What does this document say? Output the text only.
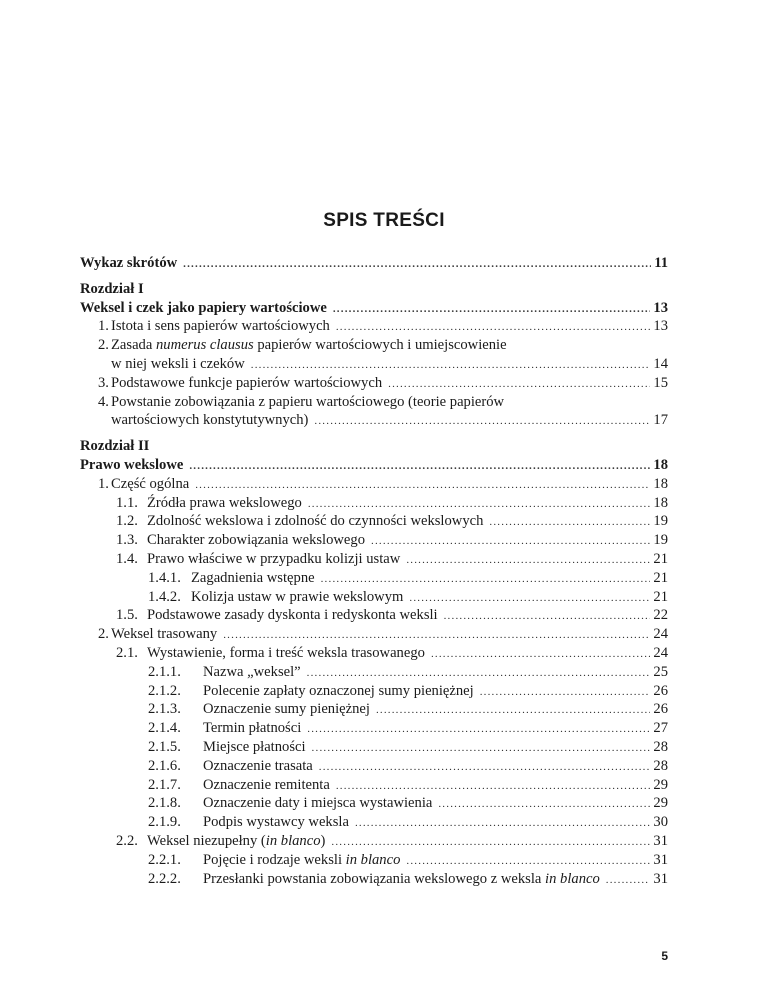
SPIS TREŚCI
Wykaz skrótów .....	11
Rozdział I
Weksel i czek jako papiery wartościowe .....	13
1. Istota i sens papierów wartościowych .....	13
2. Zasada numerus clausus papierów wartościowych i umiejscowienie
w niej weksli i czeków .....	14
3. Podstawowe funkcje papierów wartościowych .....	15
4. Powstanie zobowiązania z papieru wartościowego (teorie papierów
wartościowych konstytutywnych) .....	17
Rozdział II
Prawo wekslowe .....	18
1. Część ogólna .....	18
1.1. Źródła prawa wekslowego .....	18
1.2. Zdolność wekslowa i zdolność do czynności wekslowych .....	19
1.3. Charakter zobowiązania wekslowego .....	19
1.4. Prawo właściwe w przypadku kolizji ustaw .....	21
1.4.1. Zagadnienia wstępne .....	21
1.4.2. Kolizja ustaw w prawie wekslowym .....	21
1.5. Podstawowe zasady dyskonta i redyskonta weksli .....	22
2. Weksel trasowany .....	24
2.1. Wystawienie, forma i treść weksla trasowanego .....	24
2.1.1.	Nazwa „weksel” .....	25
2.1.2.	Polecenie zapłaty oznaczonej sumy pieniężnej .....	26
2.1.3.	Oznaczenie sumy pieniężnej .....	26
2.1.4.	Termin płatności .....	27
2.1.5.	Miejsce płatności .....	28
2.1.6.	Oznaczenie trasata .....	28
2.1.7.	Oznaczenie remitenta .....	29
2.1.8.	Oznaczenie daty i miejsca wystawienia .....	29
2.1.9.	Podpis wystawcy weksla .....	30
2.2. Weksel niezupełny (in blanco) .....	31
2.2.1.	Pojęcie i rodzaje weksli in blanco .....	31
2.2.2.	Przesłanki powstania zobowiązania wekslowego z weksla in blanco .....	31
5
